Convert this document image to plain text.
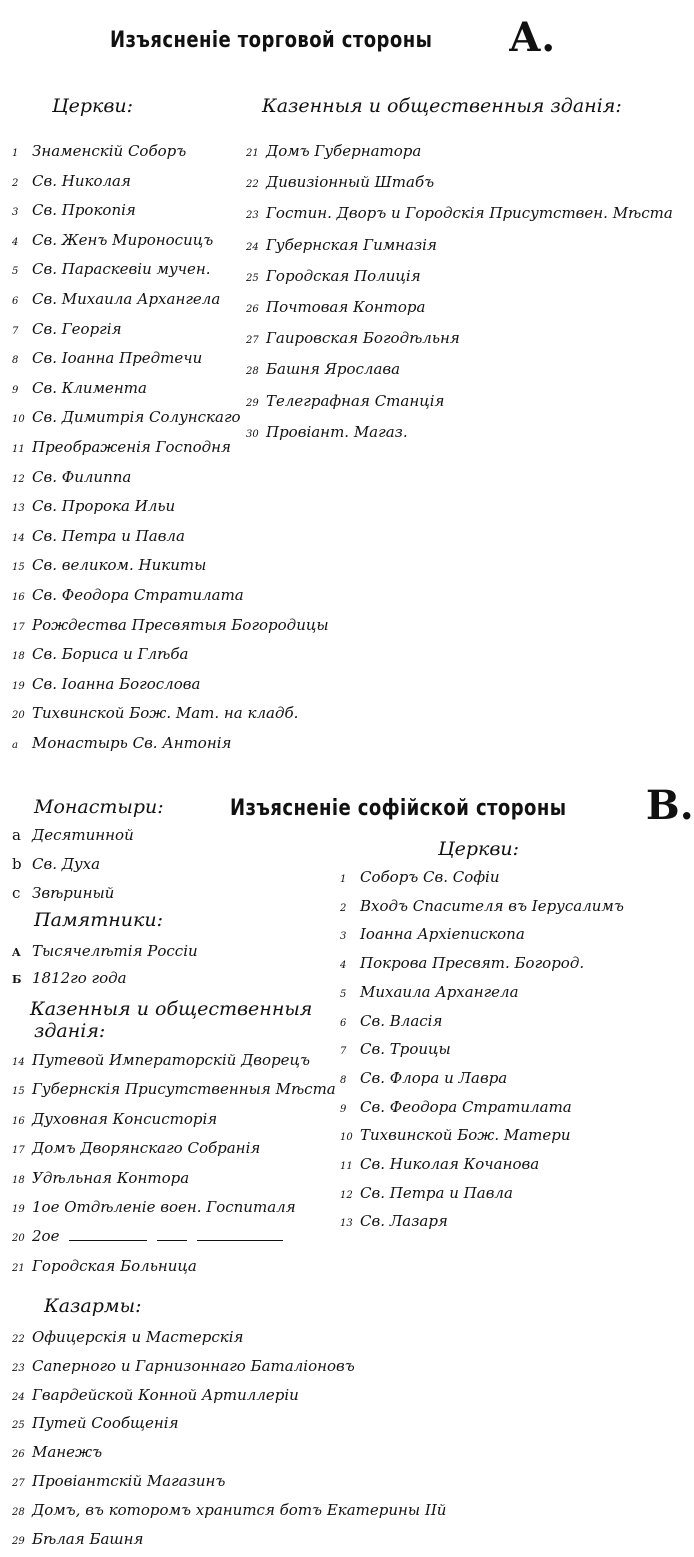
Изъясненіе торговой стороны А.
Церкви:
1 Знаменскій Соборъ
2 Св. Николая
3 Св. Прокопія
4 Св. Женъ Мироносицъ
5 Св. Параскевіи мучен.
6 Св. Михаила Архангела
7 Св. Георгія
8 Св. Іоанна Предтечи
9 Св. Климента
10 Св. Димитрія Солунскаго
11 Преображенія Господня
12 Св. Филиппа
13 Св. Пророка Ильи
14 Св. Петра и Павла
15 Св. великом. Никиты
16 Св. Феодора Стратилата
17 Рождества Пресвятыя Богородицы
18 Св. Бориса и Глѣба
19 Св. Іоанна Богослова
20 Тихвинской Бож. Мат. на кладб.
a Монастырь Св. Антонія
Казенныя и общественныя зданія:
21 Домъ Губернатора
22 Дивизіонный Штабъ
23 Гостин. Дворъ и Городскія Присутствен. Мѣста
24 Губернская Гимназія
25 Городская Полиція
26 Почтовая Контора
27 Гаировская Богодѣльня
28 Башня Ярослава
29 Телеграфная Станція
30 Провіант. Магаз.
Изъясненіе софійской стороны В.
Монастыри:
a Десятинной
b Св. Духа
c Звѣриный
Памятники:
A Тысячелѣтія Россіи
Б 1812го года
Казенныя и общественныя
зданія:
14 Путевой Императорскій Дворецъ
15 Губернскія Присутственныя Мѣста
16 Духовная Консисторія
17 Домъ Дворянскаго Собранія
18 Удѣльная Контора
19 1ое Отдѣленіе воен. Госпиталя
20 2ое
21 Городская Больница
Казармы:
22 Офицерскія и Мастерскія
23 Саперного и Гарнизоннаго Баталіоновъ
24 Гвардейской Конной Артиллеріи
25 Путей Сообщенія
26 Манежъ
27 Провіантскій Магазинъ
28 Домъ, въ которомъ хранится ботъ Екатерины IIй
29 Бѣлая Башня
Церкви:
1 Соборъ Св. Софіи
2 Входъ Спасителя въ Іерусалимъ
3 Іоанна Архіепископа
4 Покрова Пресвят. Богород.
5 Михаила Архангела
6 Св. Власія
7 Св. Троицы
8 Св. Флора и Лавра
9 Св. Феодора Стратилата
10 Тихвинской Бож. Матери
11 Св. Николая Кочанова
12 Св. Петра и Павла
13 Св. Лазаря
